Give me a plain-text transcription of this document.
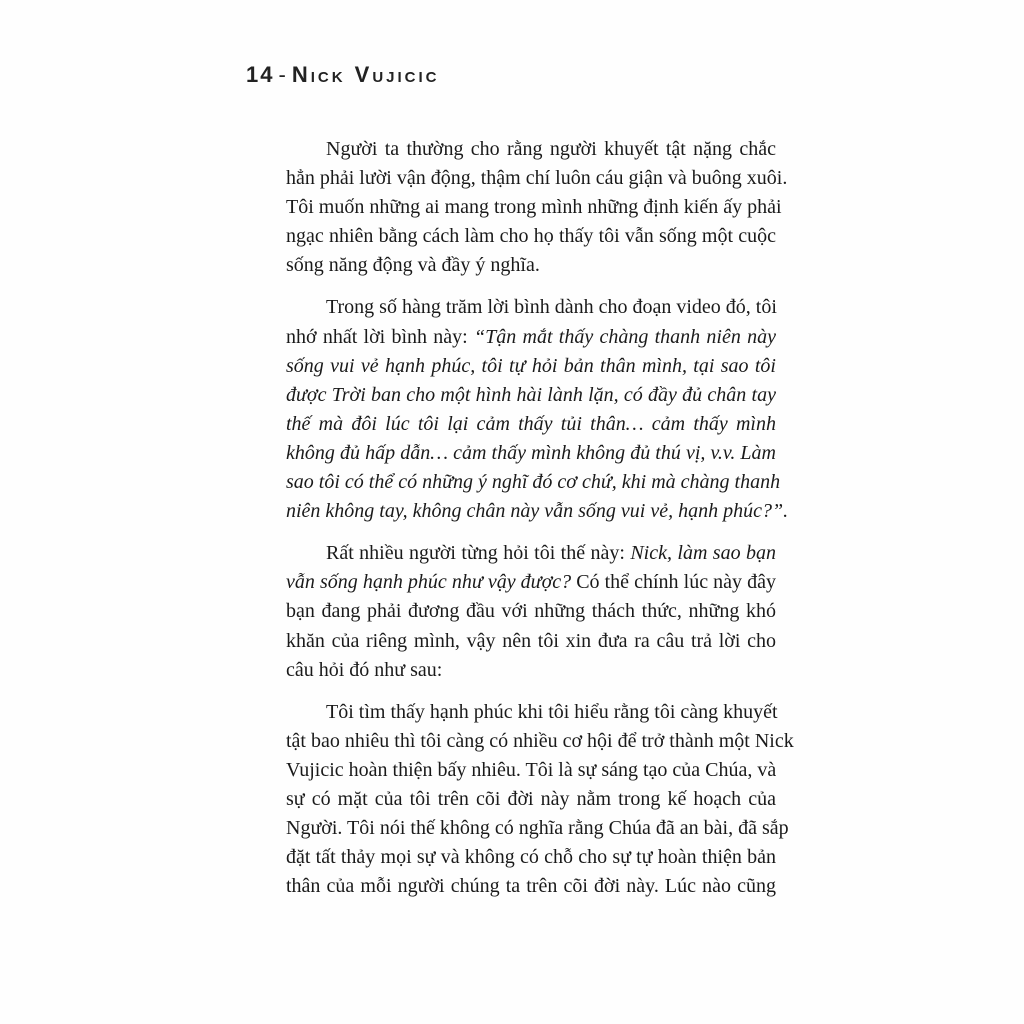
14 - Nick Vujicic
Người ta thường cho rằng người khuyết tật nặng chắc
hẳn phải lười vận động, thậm chí luôn cáu giận và buông xuôi.
Tôi muốn những ai mang trong mình những định kiến ấy phải
ngạc nhiên bằng cách làm cho họ thấy tôi vẫn sống một cuộc
sống năng động và đầy ý nghĩa.
Trong số hàng trăm lời bình dành cho đoạn video đó, tôi
nhớ nhất lời bình này: “Tận mắt thấy chàng thanh niên này
sống vui vẻ hạnh phúc, tôi tự hỏi bản thân mình, tại sao tôi
được Trời ban cho một hình hài lành lặn, có đầy đủ chân tay
thế mà đôi lúc tôi lại cảm thấy tủi thân… cảm thấy mình
không đủ hấp dẫn… cảm thấy mình không đủ thú vị, v.v. Làm
sao tôi có thể có những ý nghĩ đó cơ chứ, khi mà chàng thanh
niên không tay, không chân này vẫn sống vui vẻ, hạnh phúc?”.
Rất nhiều người từng hỏi tôi thế này: Nick, làm sao bạn
vẫn sống hạnh phúc như vậy được? Có thể chính lúc này đây
bạn đang phải đương đầu với những thách thức, những khó
khăn của riêng mình, vậy nên tôi xin đưa ra câu trả lời cho
câu hỏi đó như sau:
Tôi tìm thấy hạnh phúc khi tôi hiểu rằng tôi càng khuyết
tật bao nhiêu thì tôi càng có nhiều cơ hội để trở thành một Nick
Vujicic hoàn thiện bấy nhiêu. Tôi là sự sáng tạo của Chúa, và
sự có mặt của tôi trên cõi đời này nằm trong kế hoạch của
Người. Tôi nói thế không có nghĩa rằng Chúa đã an bài, đã sắp
đặt tất thảy mọi sự và không có chỗ cho sự tự hoàn thiện bản
thân của mỗi người chúng ta trên cõi đời này. Lúc nào cũng
